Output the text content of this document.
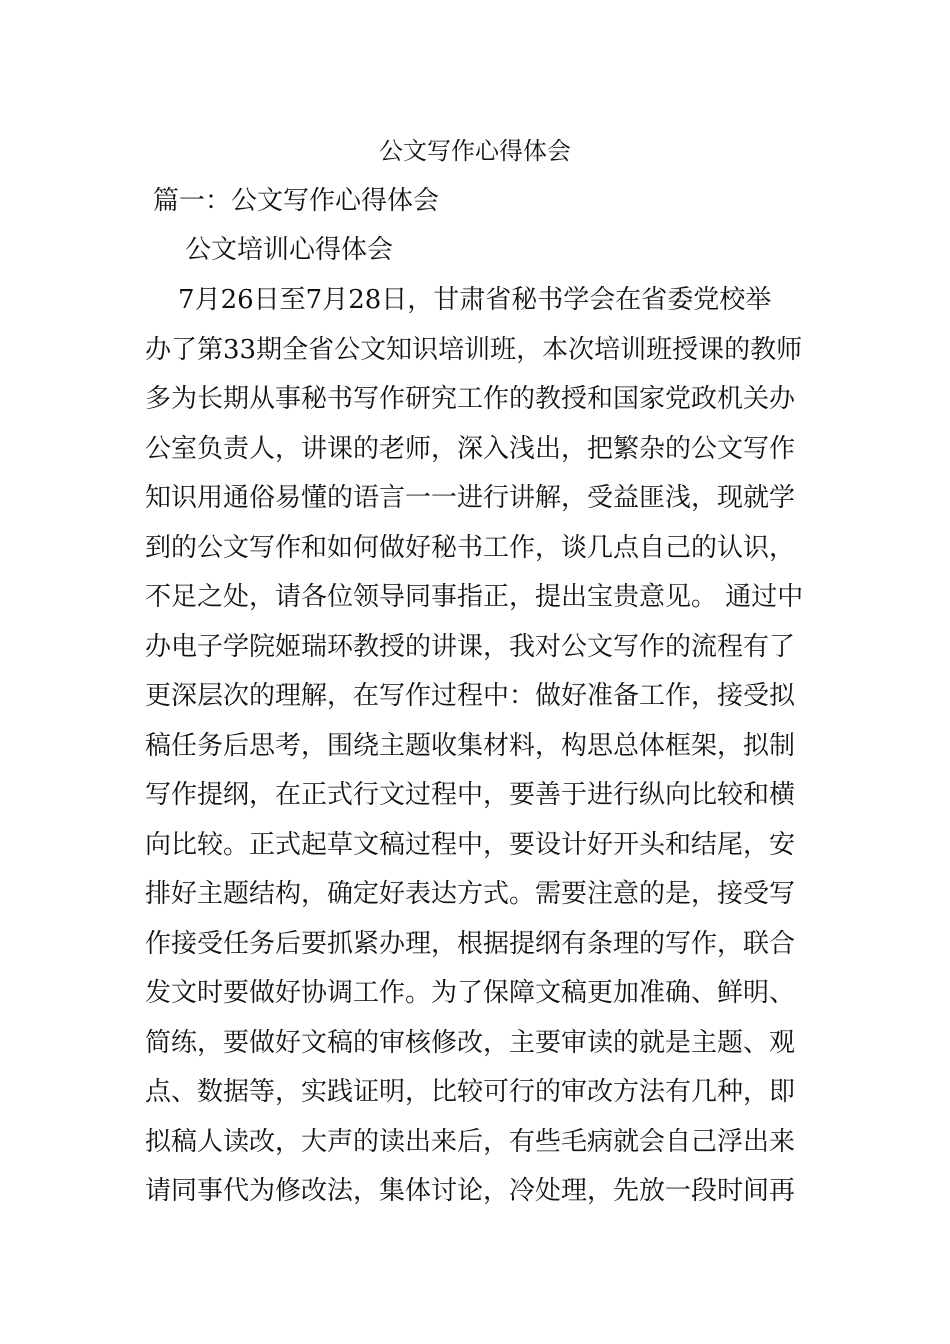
公文写作心得体会
篇一：公文写作心得体会
公文培训心得体会
7月26日至7月28日，甘肃省秘书学会在省委党校举
办了第33期全省公文知识培训班，本次培训班授课的教师
多为长期从事秘书写作研究工作的教授和国家党政机关办
公室负责人，讲课的老师，深入浅出，把繁杂的公文写作
知识用通俗易懂的语言一一进行讲解，受益匪浅，现就学
到的公文写作和如何做好秘书工作，谈几点自己的认识，
不足之处，请各位领导同事指正，提出宝贵意见。 通过中
办电子学院姬瑞环教授的讲课，我对公文写作的流程有了
更深层次的理解，在写作过程中：做好准备工作，接受拟
稿任务后思考，围绕主题收集材料，构思总体框架，拟制
写作提纲，在正式行文过程中，要善于进行纵向比较和横
向比较。正式起草文稿过程中，要设计好开头和结尾，安
排好主题结构，确定好表达方式。需要注意的是，接受写
作接受任务后要抓紧办理，根据提纲有条理的写作，联合
发文时要做好协调工作。为了保障文稿更加准确、鲜明、
简练，要做好文稿的审核修改，主要审读的就是主题、观
点、数据等，实践证明，比较可行的审改方法有几种，即
拟稿人读改，大声的读出来后，有些毛病就会自己浮出来
请同事代为修改法，集体讨论，冷处理，先放一段时间再
